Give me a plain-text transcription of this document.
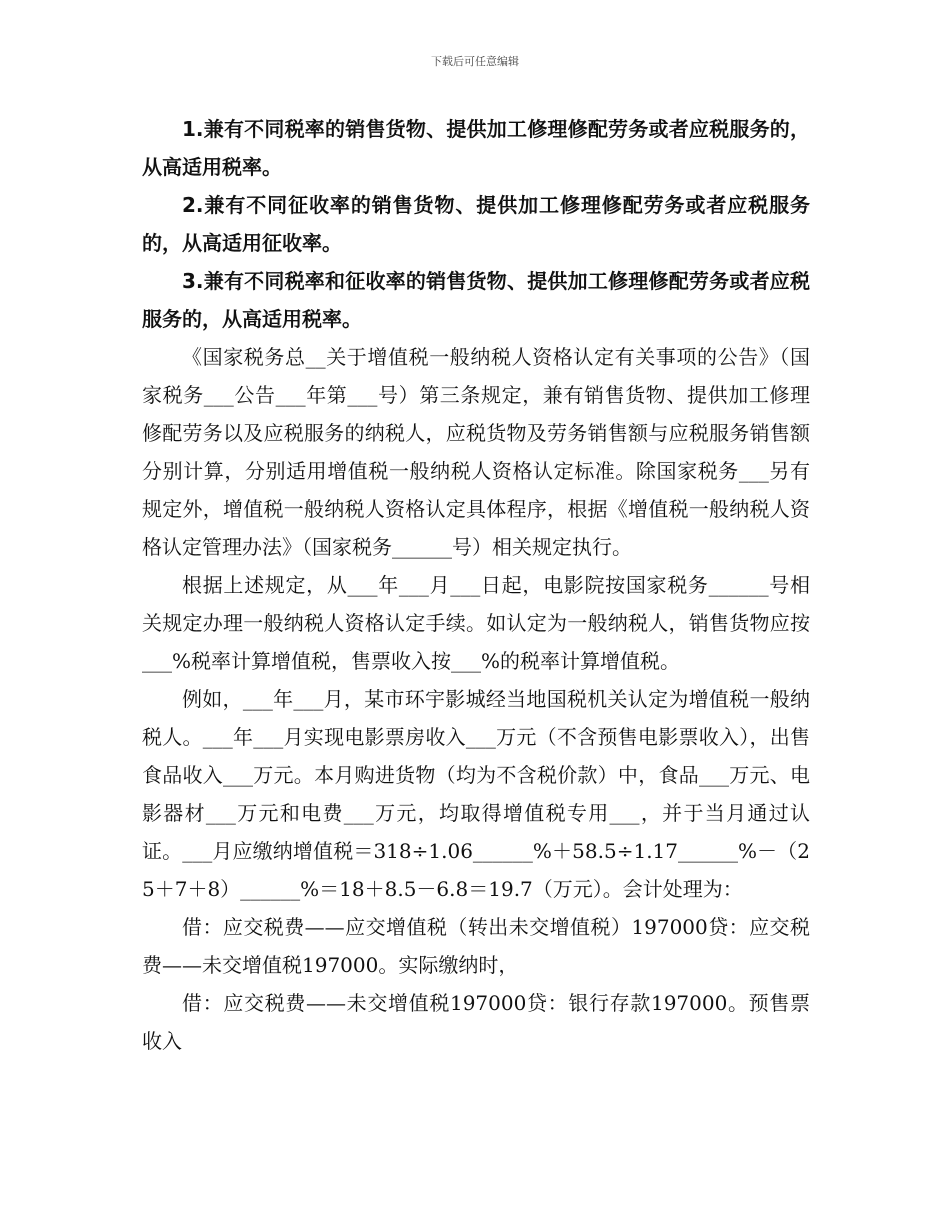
下载后可任意编辑

1.兼有不同税率的销售货物、提供加工修理修配劳务或者应税服务的，从高适用税率。

2.兼有不同征收率的销售货物、提供加工修理修配劳务或者应税服务的，从高适用征收率。

3.兼有不同税率和征收率的销售货物、提供加工修理修配劳务或者应税服务的，从高适用税率。

《国家税务总__关于增值税一般纳税人资格认定有关事项的公告》（国家税务___公告___年第___号）第三条规定，兼有销售货物、提供加工修理修配劳务以及应税服务的纳税人，应税货物及劳务销售额与应税服务销售额分别计算，分别适用增值税一般纳税人资格认定标准。除国家税务___另有规定外，增值税一般纳税人资格认定具体程序，根据《增值税一般纳税人资格认定管理办法》（国家税务______号）相关规定执行。

根据上述规定，从___年___月___日起，电影院按国家税务______号相关规定办理一般纳税人资格认定手续。如认定为一般纳税人，销售货物应按___%税率计算增值税，售票收入按___%的税率计算增值税。

例如，___年___月，某市环宇影城经当地国税机关认定为增值税一般纳税人。___年___月实现电影票房收入___万元（不含预售电影票收入），出售食品收入___万元。本月购进货物（均为不含税价款）中，食品___万元、电影器材___万元和电费___万元，均取得增值税专用___，并于当月通过认证。___月应缴纳增值税＝318÷1.06______%＋58.5÷1.17______%－（25＋7＋8）______%＝18＋8.5－6.8＝19.7（万元）。会计处理为：

借：应交税费——应交增值税（转出未交增值税）197000贷：应交税费——未交增值税197000。实际缴纳时，

借：应交税费——未交增值税197000贷：银行存款197000。预售票收入
